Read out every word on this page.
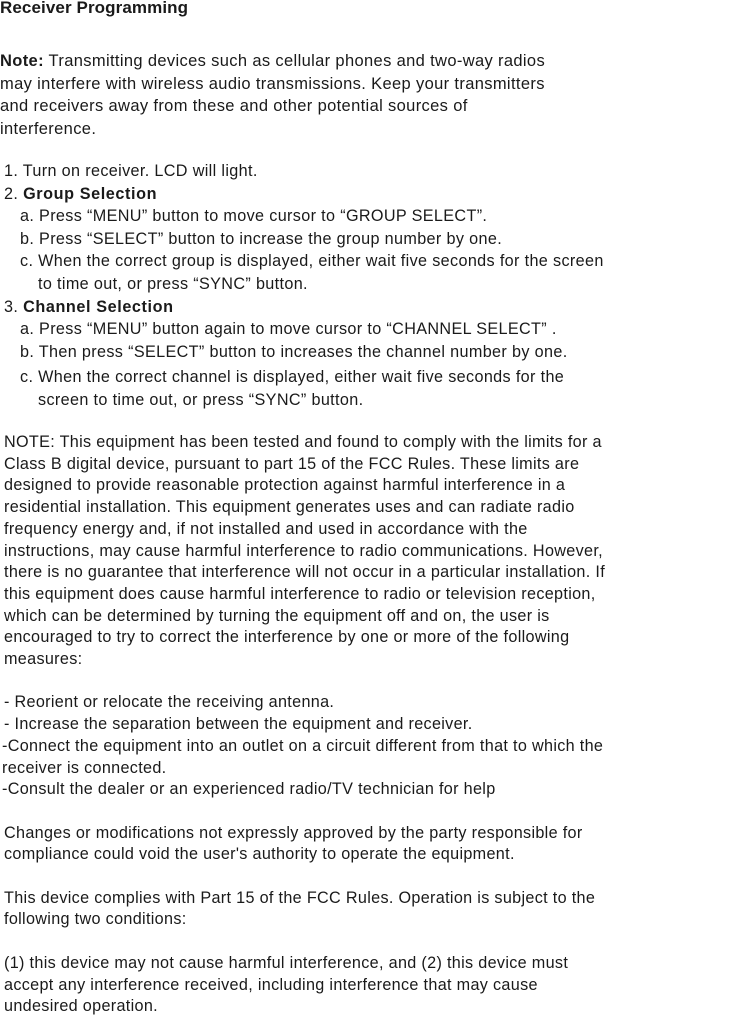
Receiver Programming
Note: Transmitting devices such as cellular phones and two-way radios
may interfere with wireless audio transmissions. Keep your transmitters
and receivers away from these and other potential sources of
interference.
1. Turn on receiver. LCD will light.
2. Group Selection
a. Press “MENU” button to move cursor to “GROUP SELECT”.
b. Press “SELECT” button to increase the group number by one.
c. When the correct group is displayed, either wait five seconds for the screen
to time out, or press “SYNC” button.
3. Channel Selection
a. Press “MENU” button again to move cursor to “CHANNEL SELECT” .
b. Then press “SELECT” button to increases the channel number by one.
c. When the correct channel is displayed, either wait five seconds for the
screen to time out, or press “SYNC” button.
NOTE: This equipment has been tested and found to comply with the limits for a
Class B digital device, pursuant to part 15 of the FCC Rules. These limits are
designed to provide reasonable protection against harmful interference in a
residential installation. This equipment generates uses and can radiate radio
frequency energy and, if not installed and used in accordance with the
instructions, may cause harmful interference to radio communications. However,
there is no guarantee that interference will not occur in a particular installation. If
this equipment does cause harmful interference to radio or television reception,
which can be determined by turning the equipment off and on, the user is
encouraged to try to correct the interference by one or more of the following
measures:
- Reorient or relocate the receiving antenna.
- Increase the separation between the equipment and receiver.
-Connect the equipment into an outlet on a circuit different from that to which the
receiver is connected.
-Consult the dealer or an experienced radio/TV technician for help
Changes or modifications not expressly approved by the party responsible for
compliance could void the user's authority to operate the equipment.
This device complies with Part 15 of the FCC Rules. Operation is subject to the
following two conditions:
(1) this device may not cause harmful interference, and (2) this device must
accept any interference received, including interference that may cause
undesired operation.
